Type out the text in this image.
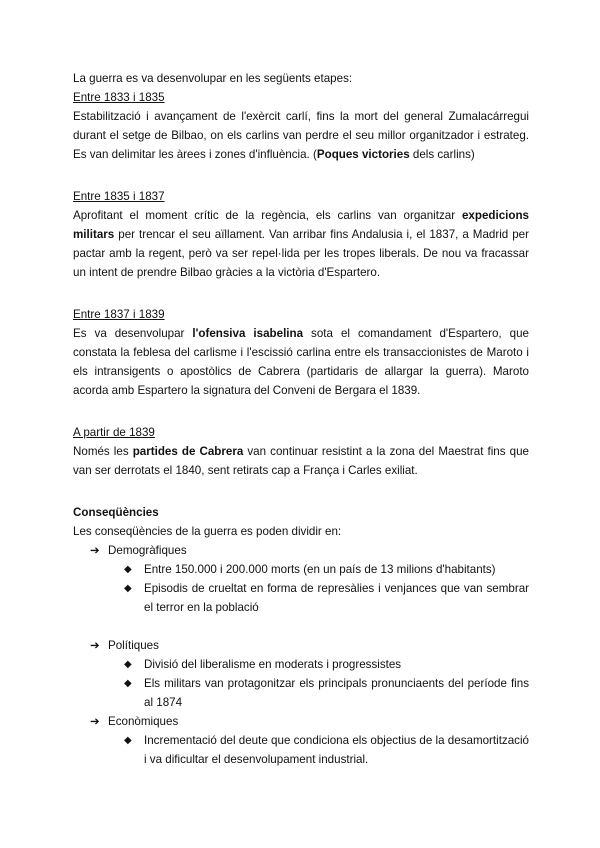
La guerra es va desenvolupar en les següents etapes:

Entre 1833 i 1835

Estabilització i avançament de l'exèrcit carlí, fins la mort del general Zumalacárregui durant el setge de Bilbao, on els carlins van perdre el seu millor organitzador i estrateg. Es van delimitar les àrees i zones d'influència. (Poques victories dels carlins)

Entre 1835 i 1837

Aprofitant el moment crític de la regència, els carlins van organitzar expedicions militars per trencar el seu aïllament. Van arribar fins Andalusia i, el 1837, a Madrid per pactar amb la regent, però va ser repel·lida per les tropes liberals. De nou va fracassar un intent de prendre Bilbao gràcies a la victòria d'Espartero.

Entre 1837 i 1839

Es va desenvolupar l'ofensiva isabelina sota el comandament d'Espartero, que constata la feblesa del carlisme i l'escissió carlina entre els transaccionistes de Maroto i els intransigents o apostòlics de Cabrera (partidaris de allargar la guerra). Maroto acorda amb Espartero la signatura del Conveni de Bergara el 1839.

A partir de 1839

Només les partides de Cabrera van continuar resistint a la zona del Maestrat fins que van ser derrotats el 1840, sent retirats cap a França i Carles exiliat.

Conseqüències

Les conseqüències de la guerra es poden dividir en:

➔ Demogràfiques
◆	Entre 150.000 i 200.000 morts (en un país de 13 milions d'habitants)
◆	Episodis de crueltat en forma de represàlies i venjances que van sembrar el terror en la població
➔ Polítiques
◆	Divisió del liberalisme en moderats i progressistes
◆	Els militars van protagonitzar els principals pronunciaents del període fins al 1874
➔ Econòmiques
◆	Incrementació del deute que condiciona els objectius de la desamortització i va dificultar el desenvolupament industrial.
